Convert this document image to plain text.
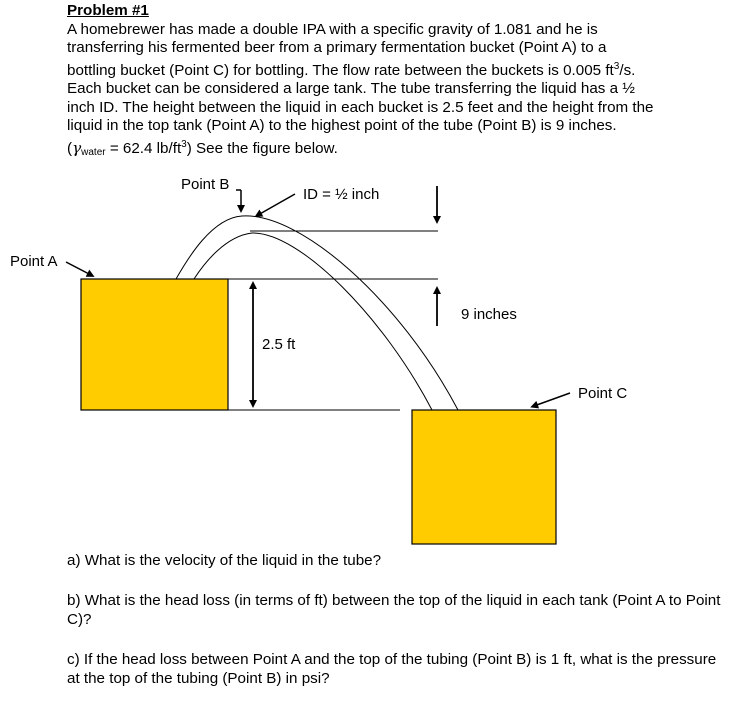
Problem #1
A homebrewer has made a double IPA with a specific gravity of 1.081 and he is
transferring his fermented beer from a primary fermentation bucket (Point A) to a
bottling bucket (Point C) for bottling. The flow rate between the buckets is 0.005 $ft^3/s$.
Each bucket can be considered a large tank. The tube transferring the liquid has a ½
inch ID. The height between the liquid in each bucket is 2.5 feet and the height from the
liquid in the top tank (Point A) to the highest point of the tube (Point B) is 9 inches.
($\gamma_{water} = 62.4$ $lb/ft^3$) See the figure below.
Point B
ID = ½ inch
Point A
9 inches
2.5 ft
Point C
a) What is the velocity of the liquid in the tube?
b) What is the head loss (in terms of ft) between the top of the liquid in each tank (Point A to Point C)?
c) If the head loss between Point A and the top of the tubing (Point B) is 1 ft, what is the pressure at the top of the tubing (Point B) in psi?
